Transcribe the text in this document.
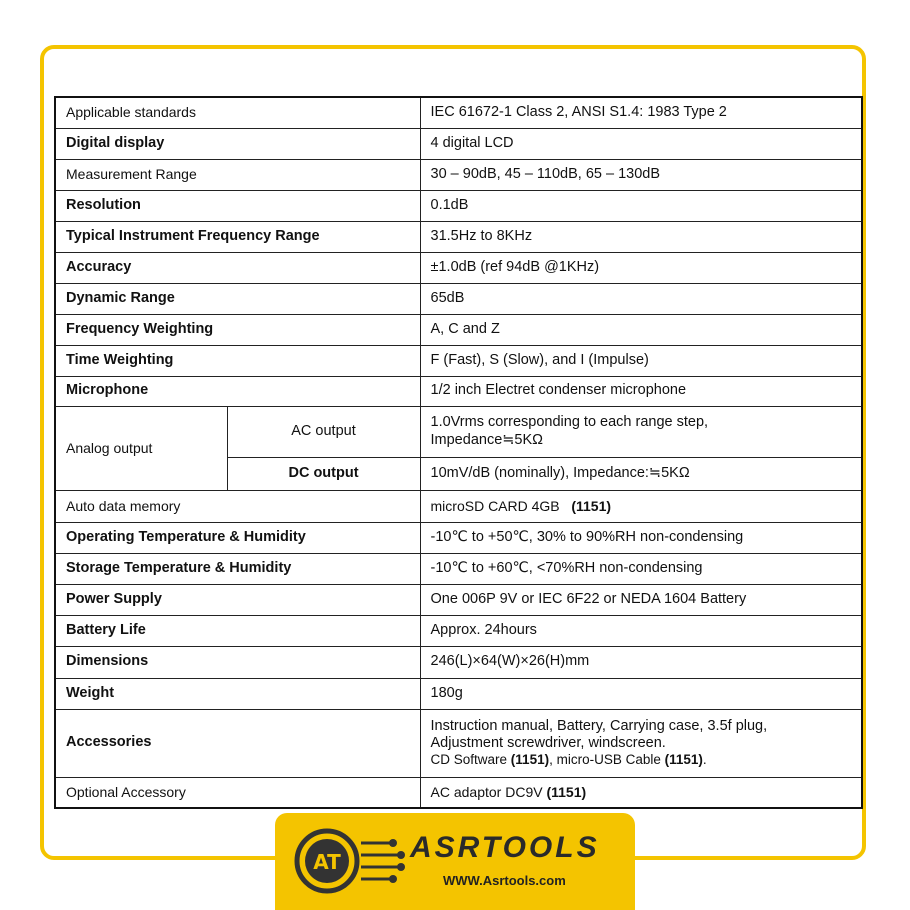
Applicable standards		IEC 61672-1 Class 2, ANSI S1.4: 1983 Type 2
Digital display		4 digital LCD
Measurement Range		30 – 90dB, 45 – 110dB, 65 – 130dB
Resolution		0.1dB
Typical Instrument Frequency Range		31.5Hz to 8KHz
Accuracy		±1.0dB (ref 94dB @1KHz)
Dynamic Range		65dB
Frequency Weighting		A, C and Z
Time Weighting		F (Fast), S (Slow), and I (Impulse)
Microphone		1/2 inch Electret condenser microphone
Analog output	AC output	1.0Vrms corresponding to each range step,
Impedance≒5KΩ

	DC output	10mV/dB (nominally), Impedance:≒5KΩ
Auto data memory		microSD CARD 4GB (1151)
Operating Temperature & Humidity		-10℃ to +50℃, 30% to 90%RH non-condensing
Storage Temperature & Humidity		-10℃ to +60℃, <70%RH non-condensing
Power Supply		One 006P 9V or IEC 6F22 or NEDA 1604 Battery
Battery Life		Approx. 24hours
Dimensions		246(L)×64(W)×26(H)mm
Weight		180g
Accessories		Instruction manual, Battery, Carrying case, 3.5f plug,
Adjustment screwdriver, windscreen.
CD Software (1151), micro-USB Cable (1151).

Optional Accessory		AC adaptor DC9V (1151)
AT ASRTOOLS
WWW.Asrtools.com
